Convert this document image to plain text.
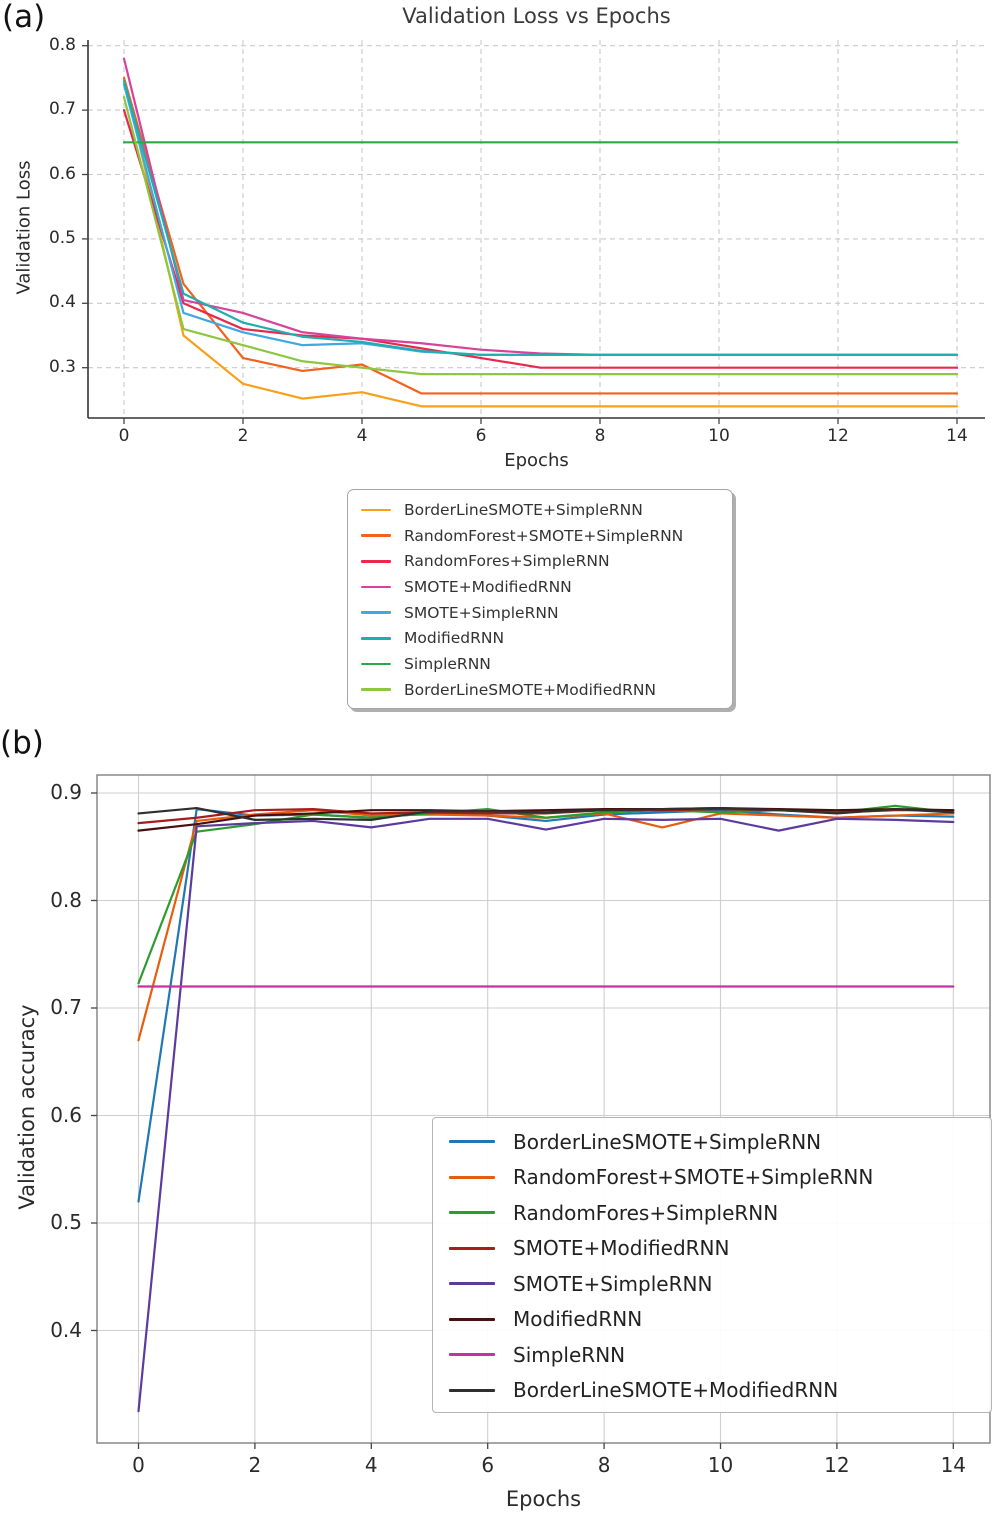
(a)	Validation Loss vs Epochs
Validation Loss
Epochs
(b)
Validation accuracy
Epochs
BorderLineSMOTE+SimpleRNN
RandomForest+SMOTE+SimpleRNN
RandomFores+SimpleRNN
SMOTE+ModifiedRNN
SMOTE+SimpleRNN
ModifiedRNN
SimpleRNN
BorderLineSMOTE+ModifiedRNN
BorderLineSMOTE+SimpleRNN
RandomForest+SMOTE+SimpleRNN
RandomFores+SimpleRNN
SMOTE+ModifiedRNN
SMOTE+SimpleRNN
ModifiedRNN
SimpleRNN
BorderLineSMOTE+ModifiedRNN
0.3
0.4
0.5
0.6
0.7
0.8
0	2	4	6	8	10	12	14
0.4
0.5
0.6
0.7
0.8
0.9
0	2	4	6	8	10	12	14
